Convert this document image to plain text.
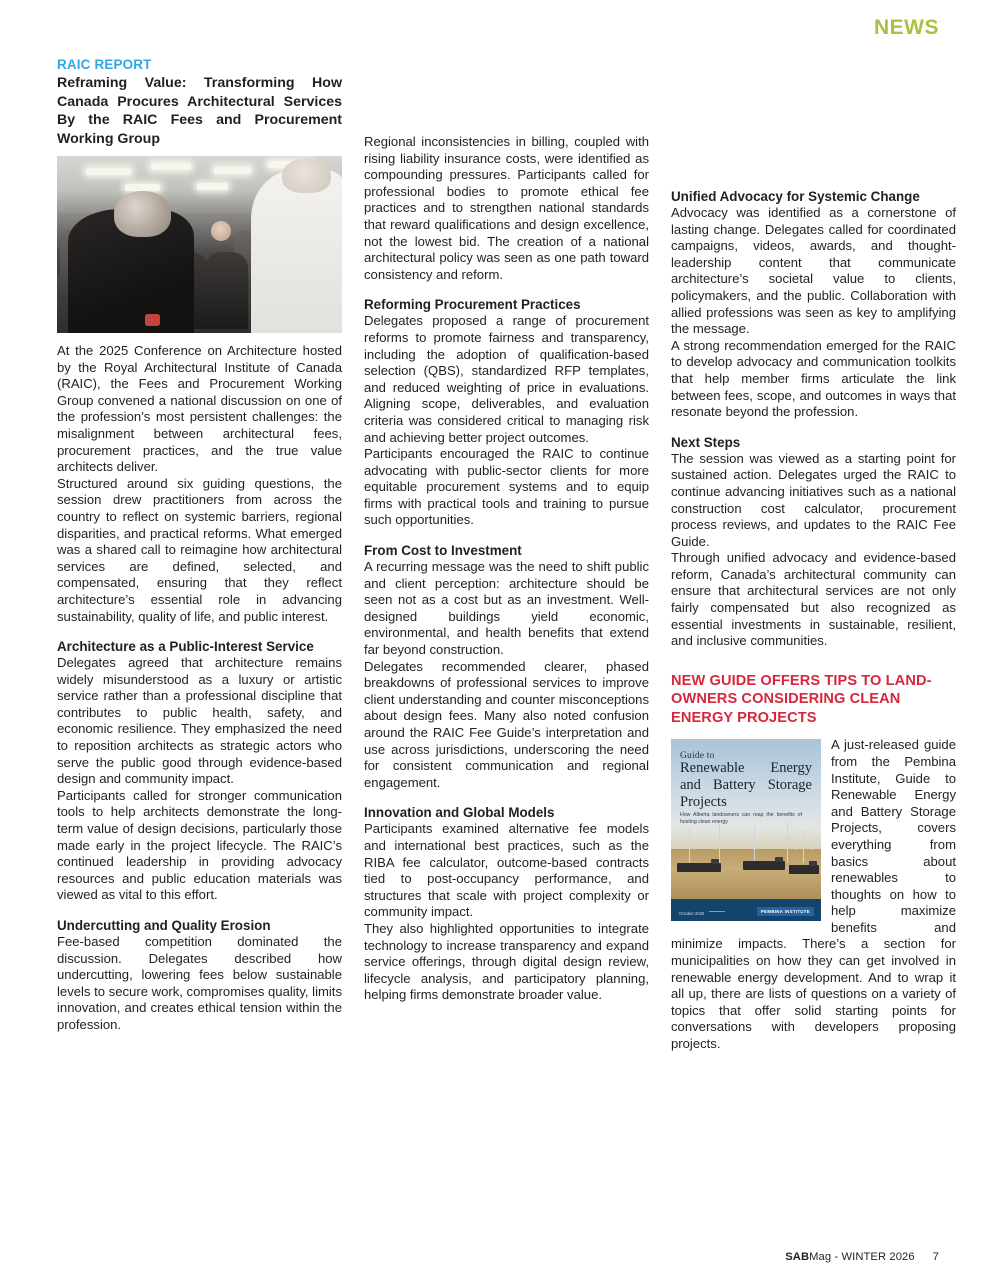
NEWS
RAIC REPORT
Reframing Value: Transforming How Canada Procures Architectural Services By the RAIC Fees and Procurement Working Group

At the 2025 Conference on Architecture hosted by the Royal Architectural Institute of Canada (RAIC), the Fees and Procurement Working Group convened a national discussion on one of the profession’s most persistent challenges: the misalignment between architectural fees, procurement practices, and the true value architects deliver.

Structured around six guiding questions, the session drew practitioners from across the country to reflect on systemic barriers, regional disparities, and practical reforms. What emerged was a shared call to reimagine how architectural services are defined, selected, and compensated, ensuring that they reflect architecture’s essential role in advancing sustainability, quality of life, and public interest.

Architecture as a Public-Interest Service

Delegates agreed that architecture remains widely misunderstood as a luxury or artistic service rather than a professional discipline that contributes to public health, safety, and economic resilience. They emphasized the need to reposition architects as strategic actors who serve the public good through evidence-based design and community impact.

Participants called for stronger communication tools to help architects demonstrate the long-term value of design decisions, particularly those made early in the project lifecycle. The RAIC’s continued leadership in providing advocacy resources and public education materials was viewed as vital to this effort.

Undercutting and Quality Erosion

Fee-based competition dominated the discussion. Delegates described how undercutting, lowering fees below sustainable levels to secure work, compromises quality, limits innovation, and creates ethical tension within the profession.

Regional inconsistencies in billing, coupled with rising liability insurance costs, were identified as compounding pressures. Participants called for professional bodies to promote ethical fee practices and to strengthen national standards that reward qualifications and design excellence, not the lowest bid. The creation of a national architectural policy was seen as one path toward consistency and reform.

Reforming Procurement Practices

Delegates proposed a range of procurement reforms to promote fairness and transparency, including the adoption of qualification-based selection (QBS), standardized RFP templates, and reduced weighting of price in evaluations. Aligning scope, deliverables, and evaluation criteria was considered critical to managing risk and achieving better project outcomes.

Participants encouraged the RAIC to continue advocating with public-sector clients for more equitable procurement systems and to equip firms with practical tools and training to pursue such opportunities.

From Cost to Investment

A recurring message was the need to shift public and client perception: architecture should be seen not as a cost but as an investment. Well-designed buildings yield economic, environmental, and health benefits that extend far beyond construction.

Delegates recommended clearer, phased breakdowns of professional services to improve client understanding and counter misconceptions about design fees. Many also noted confusion around the RAIC Fee Guide’s interpretation and use across jurisdictions, underscoring the need for consistent communication and regional engagement.

Innovation and Global Models

Participants examined alternative fee models and international best practices, such as the RIBA fee calculator, outcome-based contracts tied to post-occupancy performance, and structures that scale with project complexity or community impact.

They also highlighted opportunities to integrate technology to increase transparency and expand service offerings, through digital design review, lifecycle analysis, and participatory planning, helping firms demonstrate broader value.

Unified Advocacy for Systemic Change

Advocacy was identified as a cornerstone of lasting change. Delegates called for coordinated campaigns, videos, awards, and thought-leadership content that communicate architecture’s societal value to clients, policymakers, and the public. Collaboration with allied professions was seen as key to amplifying the message.

A strong recommendation emerged for the RAIC to develop advocacy and communication toolkits that help member firms articulate the link between fees, scope, and outcomes in ways that resonate beyond the profession.

Next Steps

The session was viewed as a starting point for sustained action. Delegates urged the RAIC to continue advancing initiatives such as a national construction cost calculator, procurement process reviews, and updates to the RAIC Fee Guide.

Through unified advocacy and evidence-based reform, Canada’s architectural community can ensure that architectural services are not only fairly compensated but also recognized as essential investments in sustainable, resilient, and inclusive communities.

NEW GUIDE OFFERS TIPS TO LAND-OWNERS CONSIDERING CLEAN ENERGY PROJECTS
Guide to
Renewable Energy and Battery Storage Projects
How Alberta landowners can reap the benefits of hosting clean energy
October 2025	PEMBINA INSTITUTE

A just-released guide from the Pembina Institute, Guide to Renewable Energy and Battery Storage Projects, covers everything from basics about renewables to thoughts on how to help maximize benefits and minimize impacts. There’s a section for municipalities on how they can get involved in renewable energy development. And to wrap it all up, there are lists of questions on a variety of topics that offer solid starting points for conversations with developers proposing projects.

SABMag - WINTER 2026 7
